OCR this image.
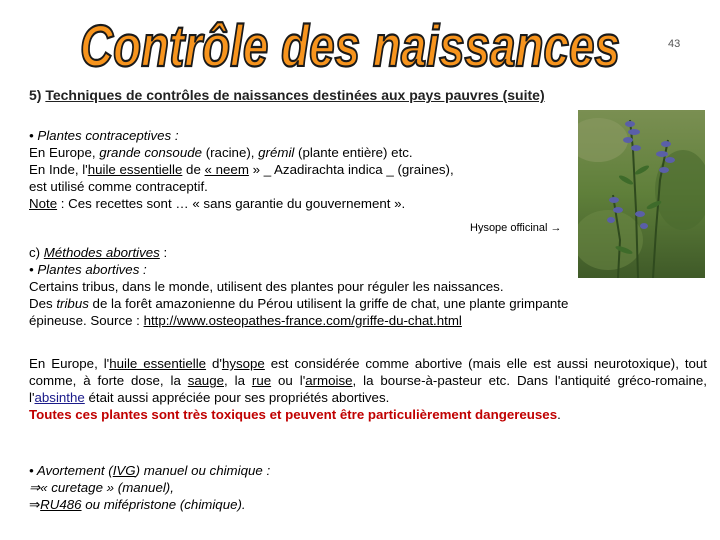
Contrôle des naissances	43
5) Techniques de contrôles de naissances destinées aux pays pauvres (suite)
• Plantes contraceptives :
En Europe, grande consoude (racine), grémil (plante entière) etc.
En Inde, l'huile essentielle de « neem » _ Azadirachta indica _ (graines),
est utilisé comme contraceptif.
Note : Ces recettes sont … « sans garantie du gouvernement ».
Hysope officinal →
c) Méthodes abortives :
• Plantes abortives :
Certains tribus, dans le monde, utilisent des plantes pour réguler les naissances.
Des tribus de la forêt amazonienne du Pérou utilisent la griffe de chat, une plante grimpante
épineuse. Source : http://www.osteopathes-france.com/griffe-du-chat.html
En Europe, l'huile essentielle d'hysope est considérée comme abortive (mais elle est aussi neurotoxique), tout comme, à forte dose, la sauge, la rue ou l'armoise, la bourse-à-pasteur etc. Dans l'antiquité gréco-romaine, l'absinthe était aussi appréciée pour ses propriétés abortives.
Toutes ces plantes sont très toxiques et peuvent être particulièrement dangereuses.
• Avortement (IVG) manuel ou chimique :
⇒« curetage » (manuel),
⇒RU486 ou mifépristone (chimique).
